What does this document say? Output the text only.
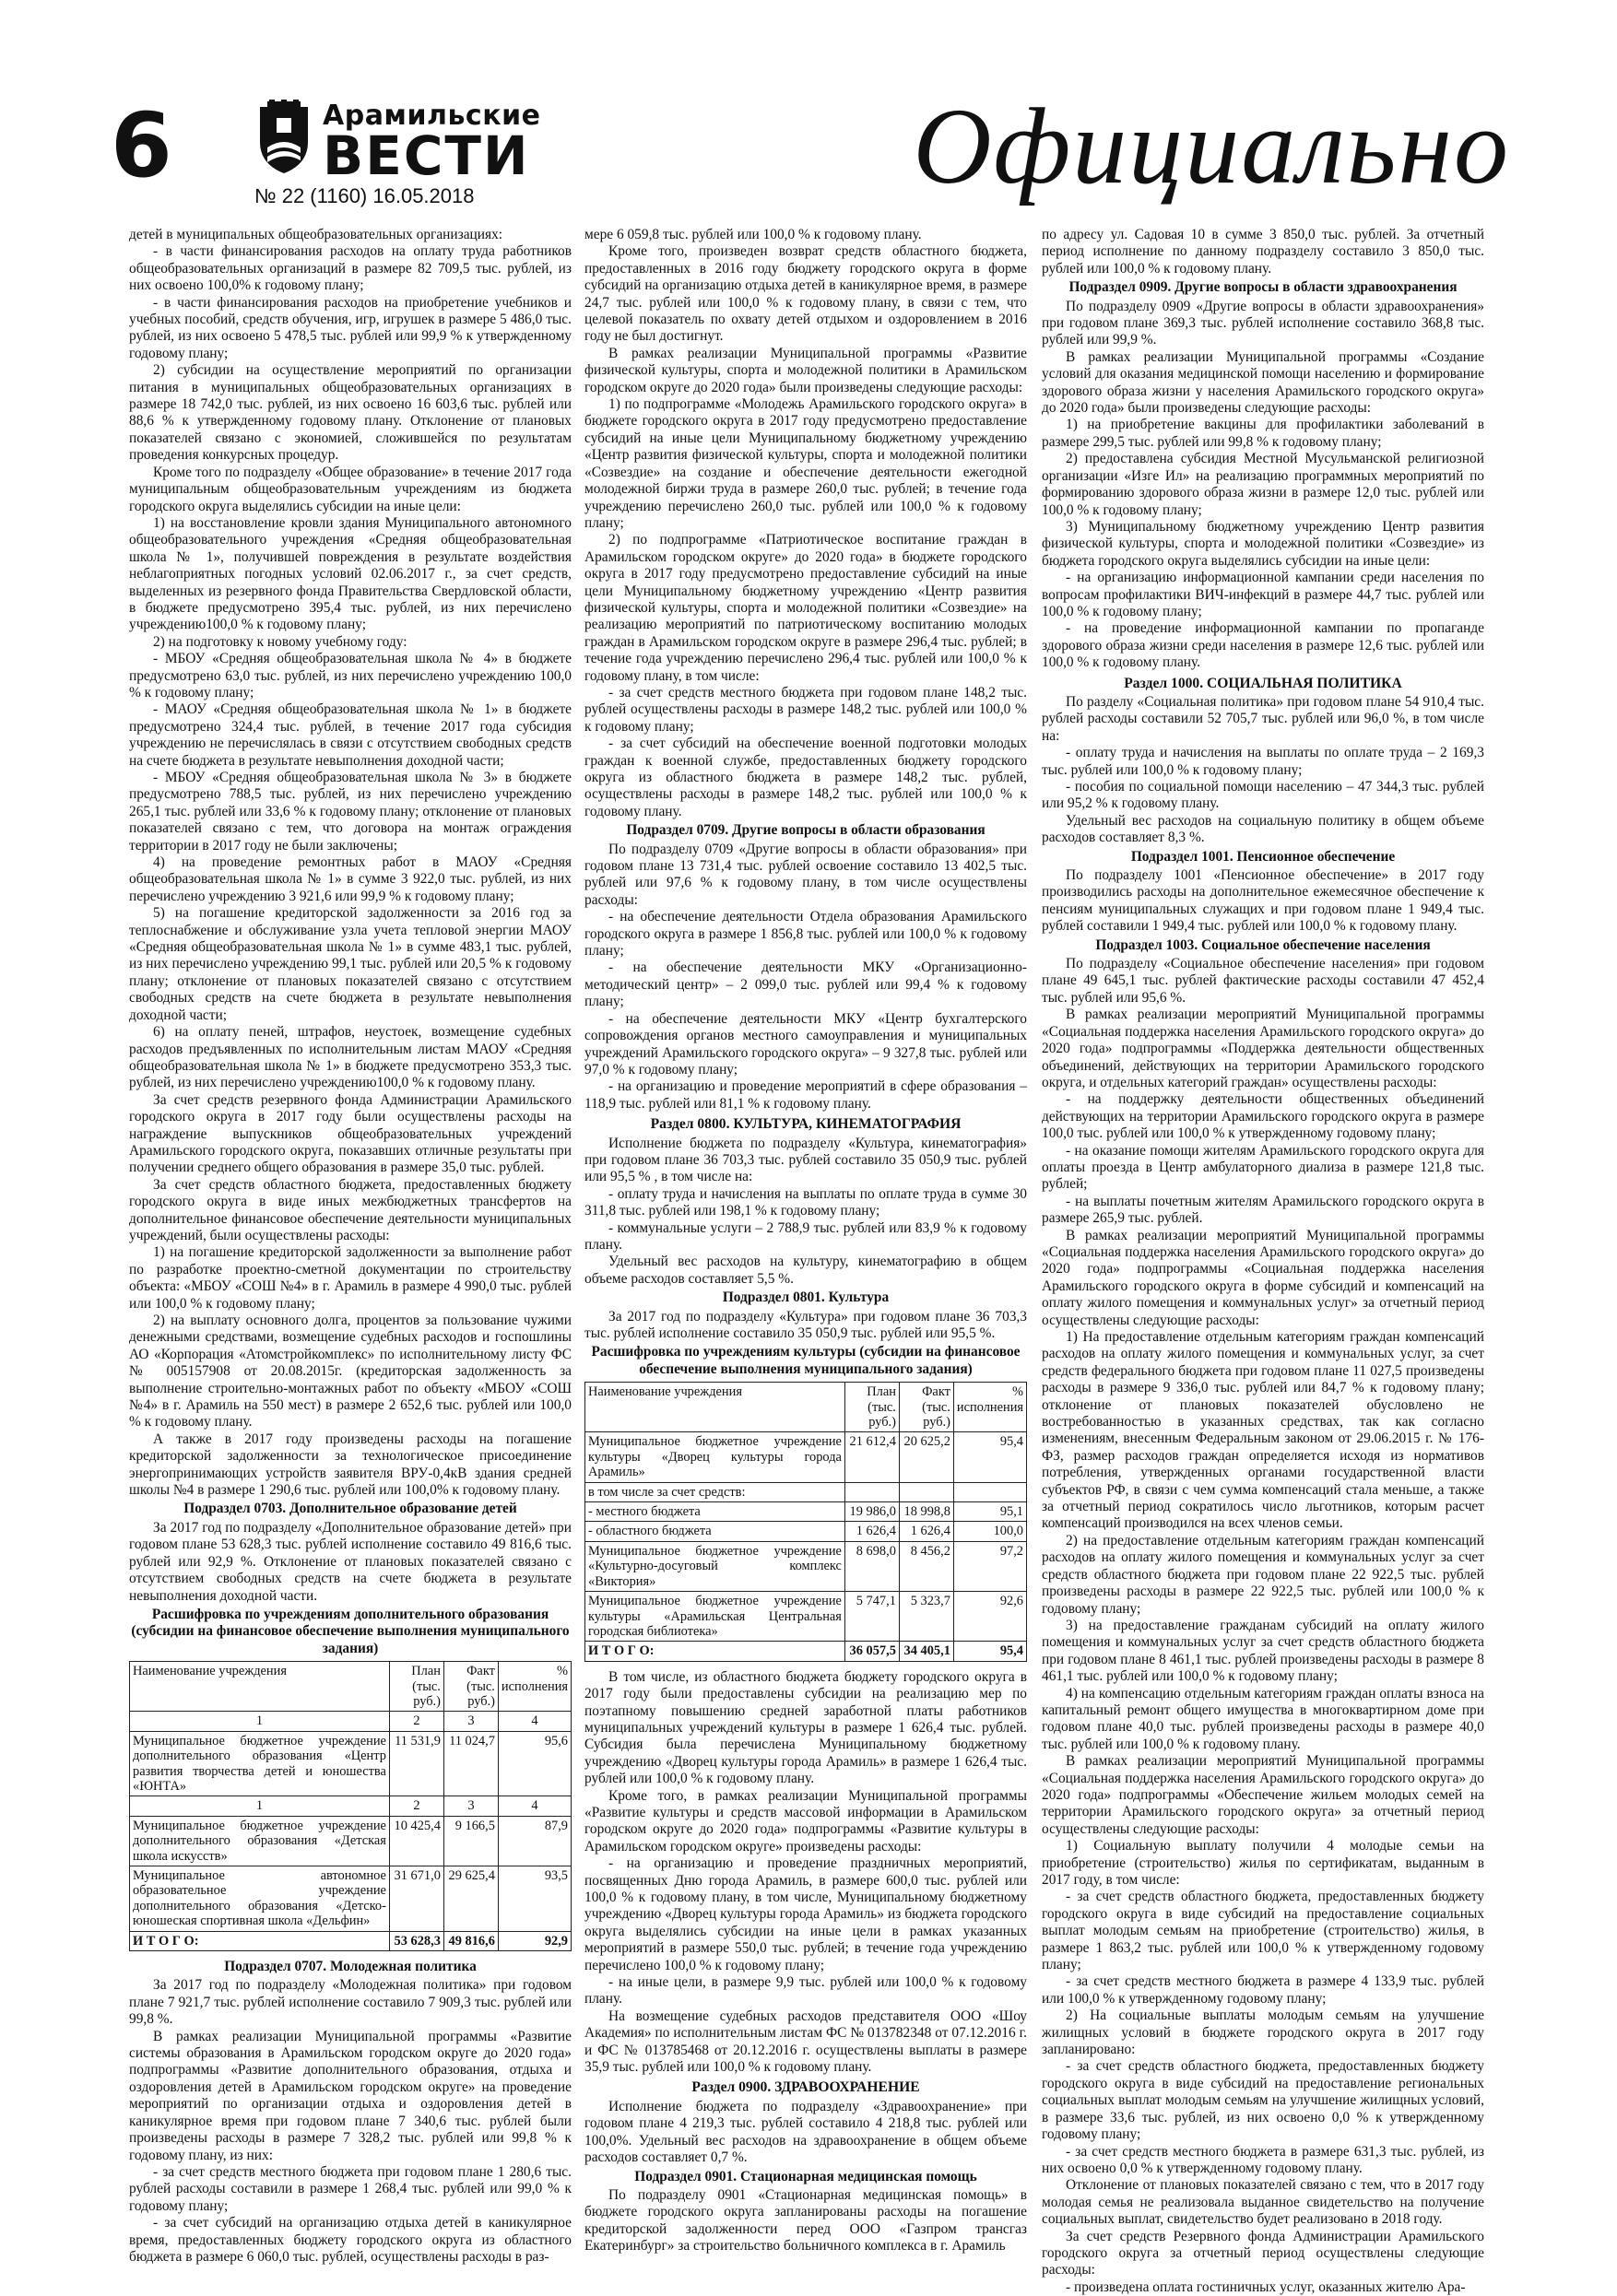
6	Арамильские
ВЕСТИ
№ 22 (1160) 16.05.2018	Официально

детей в муниципальных общеобразовательных организациях:

- в части финансирования расходов на оплату труда работников общеобразовательных организаций в размере 82 709,5 тыс. рублей, из них освоено 100,0% к годовому плану;

- в части финансирования расходов на приобретение учебников и учебных пособий, средств обучения, игр, игрушек в размере 5 486,0 тыс. рублей, из них освоено 5 478,5 тыс. рублей или 99,9 % к утвержденному годовому плану;

2) субсидии на осуществление мероприятий по организации питания в муниципальных общеобразовательных организациях в размере 18 742,0 тыс. рублей, из них освоено 16 603,6 тыс. рублей или 88,6 % к утвержденному годовому плану. Отклонение от плановых показателей связано с экономией, сложившейся по результатам проведения конкурсных процедур.

Кроме того по подразделу «Общее образование» в течение 2017 года муниципальным общеобразовательным учреждениям из бюджета городского округа выделялись субсидии на иные цели:

1) на восстановление кровли здания Муниципального автономного общеобразовательного учреждения «Средняя общеобразовательная школа № 1», получившей повреждения в результате воздействия неблагоприятных погодных условий 02.06.2017 г., за счет средств, выделенных из резервного фонда Правительства Свердловской области, в бюджете предусмотрено 395,4 тыс. рублей, из них перечислено учреждению100,0 % к годовому плану;

2) на подготовку к новому учебному году:

- МБОУ «Средняя общеобразовательная школа № 4» в бюджете предусмотрено 63,0 тыс. рублей, из них перечислено учреждению 100,0 % к годовому плану;

- МАОУ «Средняя общеобразовательная школа № 1» в бюджете предусмотрено 324,4 тыс. рублей, в течение 2017 года субсидия учреждению не перечислялась в связи с отсутствием свободных средств на счете бюджета в результате невыполнения доходной части;

- МБОУ «Средняя общеобразовательная школа № 3» в бюджете предусмотрено 788,5 тыс. рублей, из них перечислено учреждению 265,1 тыс. рублей или 33,6 % к годовому плану; отклонение от плановых показателей связано с тем, что договора на монтаж ограждения территории в 2017 году не были заключены;

4) на проведение ремонтных работ в МАОУ «Средняя общеобразовательная школа № 1» в сумме 3 922,0 тыс. рублей, из них перечислено учреждению 3 921,6 или 99,9 % к годовому плану;

5) на погашение кредиторской задолженности за 2016 год за теплоснабжение и обслуживание узла учета тепловой энергии МАОУ «Средняя общеобразовательная школа № 1» в сумме 483,1 тыс. рублей, из них перечислено учреждению 99,1 тыс. рублей или 20,5 % к годовому плану; отклонение от плановых показателей связано с отсутствием свободных средств на счете бюджета в результате невыполнения доходной части;

6) на оплату пеней, штрафов, неустоек, возмещение судебных расходов предъявленных по исполнительным листам МАОУ «Средняя общеобразовательная школа № 1» в бюджете предусмотрено 353,3 тыс. рублей, из них перечислено учреждению100,0 % к годовому плану.

За счет средств резервного фонда Администрации Арамильского городского округа в 2017 году были осуществлены расходы на награждение выпускников общеобразовательных учреждений Арамильского городского округа, показавших отличные результаты при получении среднего общего образования в размере 35,0 тыс. рублей.

За счет средств областного бюджета, предоставленных бюджету городского округа в виде иных межбюджетных трансфертов на дополнительное финансовое обеспечение деятельности муниципальных учреждений, были осуществлены расходы:

1) на погашение кредиторской задолженности за выполнение работ по разработке проектно-сметной документации по строительству объекта: «МБОУ «СОШ №4» в г. Арамиль в размере 4 990,0 тыс. рублей или 100,0 % к годовому плану;

2) на выплату основного долга, процентов за пользование чужими денежными средствами, возмещение судебных расходов и госпошлины АО «Корпорация «Атомстройкомплекс» по исполнительному листу ФС № 005157908 от 20.08.2015г. (кредиторская задолженность за выполнение строительно-монтажных работ по объекту «МБОУ «СОШ №4» в г. Арамиль на 550 мест) в размере 2 652,6 тыс. рублей или 100,0 % к годовому плану.

А также в 2017 году произведены расходы на погашение кредиторской задолженности за технологическое присоединение энергопринимающих устройств заявителя ВРУ-0,4кВ здания средней школы №4 в размере 1 290,6 тыс. рублей или 100,0% к годовому плану.

Подраздел 0703. Дополнительное образование детей

За 2017 год по подразделу «Дополнительное образование детей» при годовом плане 53 628,3 тыс. рублей исполнение составило 49 816,6 тыс. рублей или 92,9 %. Отклонение от плановых показателей связано с отсутствием свободных средств на счете бюджета в результате невыполнения доходной части.

Расшифровка по учреждениям дополнительного образования (субсидии на финансовое обеспечение выполнения муниципального задания)
Наименование учреждения	План (тыс. руб.)	Факт (тыс. руб.)	% исполнения
1	2	3	4
Муниципальное бюджетное учреждение дополнительного образования «Центр развития творчества детей и юношества «ЮНТА»	11 531,9	11 024,7	95,6
1	2	3	4
Муниципальное бюджетное учреждение дополнительного образования «Детская школа искусств»	10 425,4	9 166,5	87,9
Муниципальное автономное образовательное учреждение дополнительного образования «Детско-юношеская спортивная школа «Дельфин»	31 671,0	29 625,4	93,5
И Т О Г О:	53 628,3	49 816,6	92,9
Подраздел 0707. Молодежная политика

За 2017 год по подразделу «Молодежная политика» при годовом плане 7 921,7 тыс. рублей исполнение составило 7 909,3 тыс. рублей или 99,8 %.

В рамках реализации Муниципальной программы «Развитие системы образования в Арамильском городском округе до 2020 года» подпрограммы «Развитие дополнительного образования, отдыха и оздоровления детей в Арамильском городском округе» на проведение мероприятий по организации отдыха и оздоровления детей в каникулярное время при годовом плане 7 340,6 тыс. рублей были произведены расходы в размере 7 328,2 тыс. рублей или 99,8 % к годовому плану, из них:

- за счет средств местного бюджета при годовом плане 1 280,6 тыс. рублей расходы составили в размере 1 268,4 тыс. рублей или 99,0 % к годовому плану;

- за счет субсидий на организацию отдыха детей в каникулярное время, предоставленных бюджету городского округа из областного бюджета в размере 6 060,0 тыс. рублей, осуществлены расходы в раз-

мере 6 059,8 тыс. рублей или 100,0 % к годовому плану.

Кроме того, произведен возврат средств областного бюджета, предоставленных в 2016 году бюджету городского округа в форме субсидий на организацию отдыха детей в каникулярное время, в размере 24,7 тыс. рублей или 100,0 % к годовому плану, в связи с тем, что целевой показатель по охвату детей отдыхом и оздоровлением в 2016 году не был достигнут.

В рамках реализации Муниципальной программы «Развитие физической культуры, спорта и молодежной политики в Арамильском городском округе до 2020 года» были произведены следующие расходы:

1) по подпрограмме «Молодежь Арамильского городского округа» в бюджете городского округа в 2017 году предусмотрено предоставление субсидий на иные цели Муниципальному бюджетному учреждению «Центр развития физической культуры, спорта и молодежной политики «Созвездие» на создание и обеспечение деятельности ежегодной молодежной биржи труда в размере 260,0 тыс. рублей; в течение года учреждению перечислено 260,0 тыс. рублей или 100,0 % к годовому плану;

2) по подпрограмме «Патриотическое воспитание граждан в Арамильском городском округе» до 2020 года» в бюджете городского округа в 2017 году предусмотрено предоставление субсидий на иные цели Муниципальному бюджетному учреждению «Центр развития физической культуры, спорта и молодежной политики «Созвездие» на реализацию мероприятий по патриотическому воспитанию молодых граждан в Арамильском городском округе в размере 296,4 тыс. рублей; в течение года учреждению перечислено 296,4 тыс. рублей или 100,0 % к годовому плану, в том числе:

- за счет средств местного бюджета при годовом плане 148,2 тыс. рублей осуществлены расходы в размере 148,2 тыс. рублей или 100,0 % к годовому плану;

- за счет субсидий на обеспечение военной подготовки молодых граждан к военной службе, предоставленных бюджету городского округа из областного бюджета в размере 148,2 тыс. рублей, осуществлены расходы в размере 148,2 тыс. рублей или 100,0 % к годовому плану.

Подраздел 0709. Другие вопросы в области образования

По подразделу 0709 «Другие вопросы в области образования» при годовом плане 13 731,4 тыс. рублей освоение составило 13 402,5 тыс. рублей или 97,6 % к годовому плану, в том числе осуществлены расходы:

- на обеспечение деятельности Отдела образования Арамильского городского округа в размере 1 856,8 тыс. рублей или 100,0 % к годовому плану;

- на обеспечение деятельности МКУ «Организационно-методический центр» – 2 099,0 тыс. рублей или 99,4 % к годовому плану;

- на обеспечение деятельности МКУ «Центр бухгалтерского сопровождения органов местного самоуправления и муниципальных учреждений Арамильского городского округа» – 9 327,8 тыс. рублей или 97,0 % к годовому плану;

- на организацию и проведение мероприятий в сфере образования – 118,9 тыс. рублей или 81,1 % к годовому плану.

Раздел 0800. КУЛЬТУРА, КИНЕМАТОГРАФИЯ

Исполнение бюджета по подразделу «Культура, кинематография» при годовом плане 36 703,3 тыс. рублей составило 35 050,9 тыс. рублей или 95,5 % , в том числе на:

- оплату труда и начисления на выплаты по оплате труда в сумме 30 311,8 тыс. рублей или 198,1 % к годовому плану;

- коммунальные услуги – 2 788,9 тыс. рублей или 83,9 % к годовому плану.

Удельный вес расходов на культуру, кинематографию в общем объеме расходов составляет 5,5 %.

Подраздел 0801. Культура

За 2017 год по подразделу «Культура» при годовом плане 36 703,3 тыс. рублей исполнение составило 35 050,9 тыс. рублей или 95,5 %.

Расшифровка по учреждениям культуры (субсидии на финансовое обеспечение выполнения муниципального задания)
Наименование учреждения	План (тыс. руб.)	Факт (тыс. руб.)	% исполнения
Муниципальное бюджетное учреждение культуры «Дворец культуры города Арамиль»	21 612,4	20 625,2	95,4
в том числе за счет средств:			
- местного бюджета	19 986,0	18 998,8	95,1
- областного бюджета	1 626,4	1 626,4	100,0
Муниципальное бюджетное учреждение «Культурно-досуговый комплекс «Виктория»	8 698,0	8 456,2	97,2
Муниципальное бюджетное учреждение культуры «Арамильская Центральная городская библиотека»	5 747,1	5 323,7	92,6
И Т О Г О:	36 057,5	34 405,1	95,4

В том числе, из областного бюджета бюджету городского округа в 2017 году были предоставлены субсидии на реализацию мер по поэтапному повышению средней заработной платы работников муниципальных учреждений культуры в размере 1 626,4 тыс. рублей. Субсидия была перечислена Муниципальному бюджетному учреждению «Дворец культуры города Арамиль» в размере 1 626,4 тыс. рублей или 100,0 % к годовому плану.

Кроме того, в рамках реализации Муниципальной программы «Развитие культуры и средств массовой информации в Арамильском городском округе до 2020 года» подпрограммы «Развитие культуры в Арамильском городском округе» произведены расходы:

- на организацию и проведение праздничных мероприятий, посвященных Дню города Арамиль, в размере 600,0 тыс. рублей или 100,0 % к годовому плану, в том числе, Муниципальному бюджетному учреждению «Дворец культуры города Арамиль» из бюджета городского округа выделялись субсидии на иные цели в рамках указанных мероприятий в размере 550,0 тыс. рублей; в течение года учреждению перечислено 100,0 % к годовому плану;

- на иные цели, в размере 9,9 тыс. рублей или 100,0 % к годовому плану.

На возмещение судебных расходов представителя ООО «Шоу Академия» по исполнительным листам ФС № 013782348 от 07.12.2016 г. и ФС № 013785468 от 20.12.2016 г. осуществлены выплаты в размере 35,9 тыс. рублей или 100,0 % к годовому плану.

Раздел 0900. ЗДРАВООХРАНЕНИЕ

Исполнение бюджета по подразделу «Здравоохранение» при годовом плане 4 219,3 тыс. рублей составило 4 218,8 тыс. рублей или 100,0%. Удельный вес расходов на здравоохранение в общем объеме расходов составляет 0,7 %.

Подраздел 0901. Стационарная медицинская помощь

По подразделу 0901 «Стационарная медицинская помощь» в бюджете городского округа запланированы расходы на погашение кредиторской задолженности перед ООО «Газпром трансгаз Екатеринбург» за строительство больничного комплекса в г. Арамиль

по адресу ул. Садовая 10 в сумме 3 850,0 тыс. рублей. За отчетный период исполнение по данному подразделу составило 3 850,0 тыс. рублей или 100,0 % к годовому плану.

Подраздел 0909. Другие вопросы в области здравоохранения

По подразделу 0909 «Другие вопросы в области здравоохранения» при годовом плане 369,3 тыс. рублей исполнение составило 368,8 тыс. рублей или 99,9 %.

В рамках реализации Муниципальной программы «Создание условий для оказания медицинской помощи населению и формирование здорового образа жизни у населения Арамильского городского округа» до 2020 года» были произведены следующие расходы:

1) на приобретение вакцины для профилактики заболеваний в размере 299,5 тыс. рублей или 99,8 % к годовому плану;

2) предоставлена субсидия Местной Мусульманской религиозной организации «Изге Ил» на реализацию программных мероприятий по формированию здорового образа жизни в размере 12,0 тыс. рублей или 100,0 % к годовому плану;

3) Муниципальному бюджетному учреждению Центр развития физической культуры, спорта и молодежной политики «Созвездие» из бюджета городского округа выделялись субсидии на иные цели:

- на организацию информационной кампании среди населения по вопросам профилактики ВИЧ-инфекций в размере 44,7 тыс. рублей или 100,0 % к годовому плану;

- на проведение информационной кампании по пропаганде здорового образа жизни среди населения в размере 12,6 тыс. рублей или 100,0 % к годовому плану.

Раздел 1000. СОЦИАЛЬНАЯ ПОЛИТИКА

По разделу «Социальная политика» при годовом плане 54 910,4 тыс. рублей расходы составили 52 705,7 тыс. рублей или 96,0 %, в том числе на:

- оплату труда и начисления на выплаты по оплате труда – 2 169,3 тыс. рублей или 100,0 % к годовому плану;

- пособия по социальной помощи населению – 47 344,3 тыс. рублей или 95,2 % к годовому плану.

Удельный вес расходов на социальную политику в общем объеме расходов составляет 8,3 %.

Подраздел 1001. Пенсионное обеспечение

По подразделу 1001 «Пенсионное обеспечение» в 2017 году производились расходы на дополнительное ежемесячное обеспечение к пенсиям муниципальных служащих и при годовом плане 1 949,4 тыс. рублей составили 1 949,4 тыс. рублей или 100,0 % к годовому плану.

Подраздел 1003. Социальное обеспечение населения

По подразделу «Социальное обеспечение населения» при годовом плане 49 645,1 тыс. рублей фактические расходы составили 47 452,4 тыс. рублей или 95,6 %.

В рамках реализации мероприятий Муниципальной программы «Социальная поддержка населения Арамильского городского округа» до 2020 года» подпрограммы «Поддержка деятельности общественных объединений, действующих на территории Арамильского городского округа, и отдельных категорий граждан» осуществлены расходы:

- на поддержку деятельности общественных объединений действующих на территории Арамильского городского округа в размере 100,0 тыс. рублей или 100,0 % к утвержденному годовому плану;

- на оказание помощи жителям Арамильского городского округа для оплаты проезда в Центр амбулаторного диализа в размере 121,8 тыс. рублей;

- на выплаты почетным жителям Арамильского городского округа в размере 265,9 тыс. рублей.

В рамках реализации мероприятий Муниципальной программы «Социальная поддержка населения Арамильского городского округа» до 2020 года» подпрограммы «Социальная поддержка населения Арамильского городского округа в форме субсидий и компенсаций на оплату жилого помещения и коммунальных услуг» за отчетный период осуществлены следующие расходы:

1) На предоставление отдельным категориям граждан компенсаций расходов на оплату жилого помещения и коммунальных услуг, за счет средств федерального бюджета при годовом плане 11 027,5 произведены расходы в размере 9 336,0 тыс. рублей или 84,7 % к годовому плану; отклонение от плановых показателей обусловлено не востребованностью в указанных средствах, так как согласно изменениям, внесенным Федеральным законом от 29.06.2015 г. № 176-ФЗ, размер расходов граждан определяется исходя из нормативов потребления, утвержденных органами государственной власти субъектов РФ, в связи с чем сумма компенсаций стала меньше, а также за отчетный период сократилось число льготников, которым расчет компенсаций производился на всех членов семьи.

2) на предоставление отдельным категориям граждан компенсаций расходов на оплату жилого помещения и коммунальных услуг за счет средств областного бюджета при годовом плане 22 922,5 тыс. рублей произведены расходы в размере 22 922,5 тыс. рублей или 100,0 % к годовому плану;

3) на предоставление гражданам субсидий на оплату жилого помещения и коммунальных услуг за счет средств областного бюджета при годовом плане 8 461,1 тыс. рублей произведены расходы в размере 8 461,1 тыс. рублей или 100,0 % к годовому плану;

4) на компенсацию отдельным категориям граждан оплаты взноса на капитальный ремонт общего имущества в многоквартирном доме при годовом плане 40,0 тыс. рублей произведены расходы в размере 40,0 тыс. рублей или 100,0 % к годовому плану.

В рамках реализации мероприятий Муниципальной программы «Социальная поддержка населения Арамильского городского округа» до 2020 года» подпрограммы «Обеспечение жильем молодых семей на территории Арамильского городского округа» за отчетный период осуществлены следующие расходы:

1) Социальную выплату получили 4 молодые семьи на приобретение (строительство) жилья по сертификатам, выданным в 2017 году, в том числе:

- за счет средств областного бюджета, предоставленных бюджету городского округа в виде субсидий на предоставление социальных выплат молодым семьям на приобретение (строительство) жилья, в размере 1 863,2 тыс. рублей или 100,0 % к утвержденному годовому плану;

- за счет средств местного бюджета в размере 4 133,9 тыс. рублей или 100,0 % к утвержденному годовому плану;

2) На социальные выплаты молодым семьям на улучшение жилищных условий в бюджете городского округа в 2017 году запланировано:

- за счет средств областного бюджета, предоставленных бюджету городского округа в виде субсидий на предоставление региональных социальных выплат молодым семьям на улучшение жилищных условий, в размере 33,6 тыс. рублей, из них освоено 0,0 % к утвержденному годовому плану;

- за счет средств местного бюджета в размере 631,3 тыс. рублей, из них освоено 0,0 % к утвержденному годовому плану.

Отклонение от плановых показателей связано с тем, что в 2017 году молодая семья не реализовала выданное свидетельство на получение социальных выплат, свидетельство будет реализовано в 2018 году.

За счет средств Резервного фонда Администрации Арамильского городского округа за отчетный период осуществлены следующие расходы:

- произведена оплата гостиничных услуг, оказанных жителю Ара-
